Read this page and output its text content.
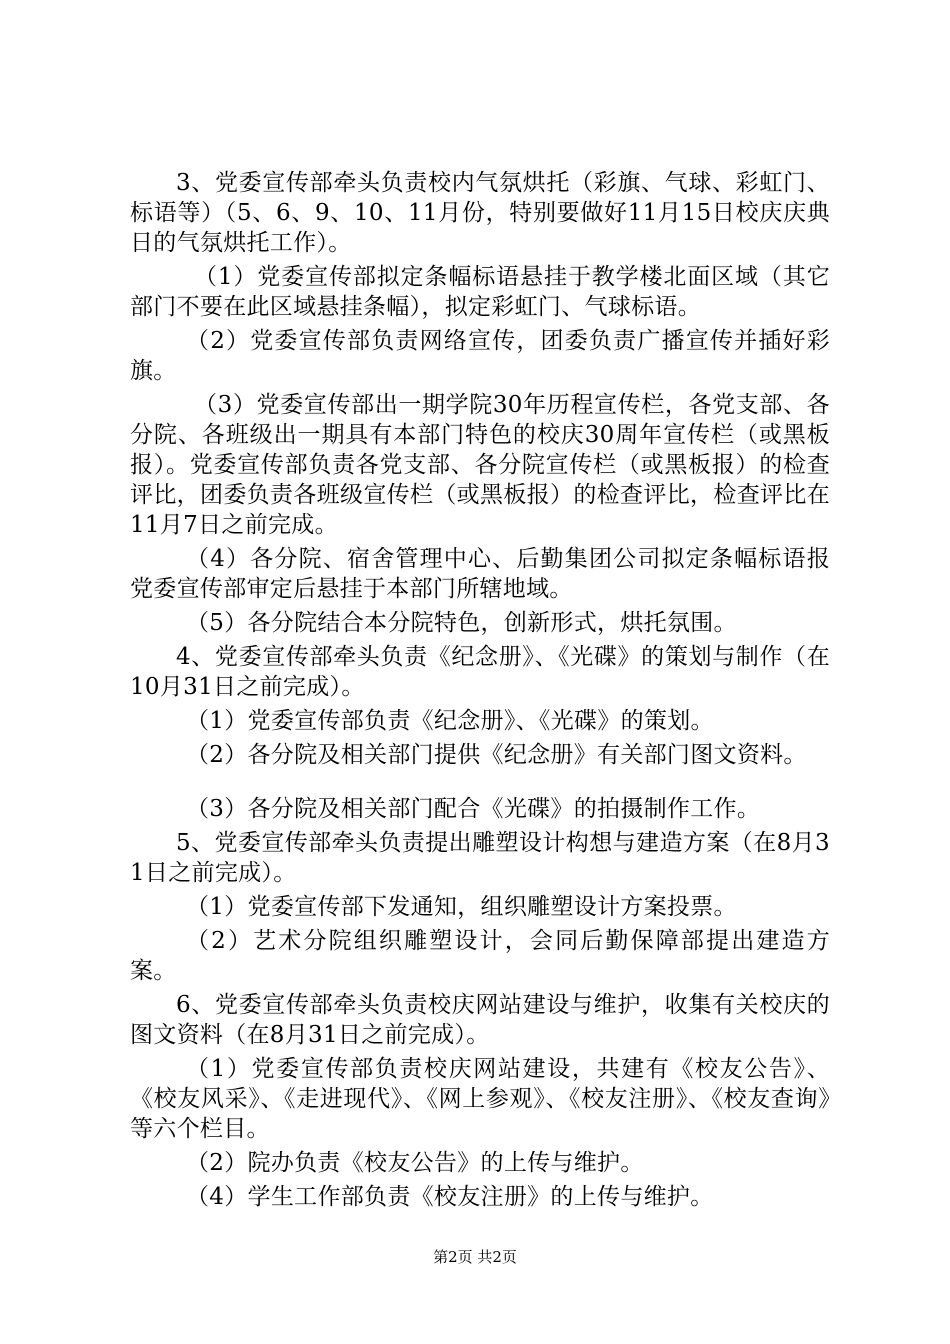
3、党委宣传部牵头负责校内气氛烘托（彩旗、气球、彩虹门、标语等）（5、6、9、10、11月份，特别要做好11月15日校庆庆典日的气氛烘托工作）。

（1）党委宣传部拟定条幅标语悬挂于教学楼北面区域（其它部门不要在此区域悬挂条幅），拟定彩虹门、气球标语。

（2）党委宣传部负责网络宣传，团委负责广播宣传并插好彩旗。

（3）党委宣传部出一期学院30年历程宣传栏，各党支部、各分院、各班级出一期具有本部门特色的校庆30周年宣传栏（或黑板报）。党委宣传部负责各党支部、各分院宣传栏（或黑板报）的检查评比，团委负责各班级宣传栏（或黑板报）的检查评比，检查评比在11月7日之前完成。

（4）各分院、宿舍管理中心、后勤集团公司拟定条幅标语报党委宣传部审定后悬挂于本部门所辖地域。

（5）各分院结合本分院特色，创新形式，烘托氛围。

4、党委宣传部牵头负责《纪念册》、《光碟》的策划与制作（在10月31日之前完成）。

（1）党委宣传部负责《纪念册》、《光碟》的策划。

（2）各分院及相关部门提供《纪念册》有关部门图文资料。

（3）各分院及相关部门配合《光碟》的拍摄制作工作。

5、党委宣传部牵头负责提出雕塑设计构想与建造方案（在8月31日之前完成）。

（1）党委宣传部下发通知，组织雕塑设计方案投票。

（2）艺术分院组织雕塑设计，会同后勤保障部提出建造方案。

6、党委宣传部牵头负责校庆网站建设与维护，收集有关校庆的图文资料（在8月31日之前完成）。

（1）党委宣传部负责校庆网站建设，共建有《校友公告》、《校友风采》、《走进现代》、《网上参观》、《校友注册》、《校友查询》等六个栏目。

（2）院办负责《校友公告》的上传与维护。

（4）学生工作部负责《校友注册》的上传与维护。

第2页 共2页
